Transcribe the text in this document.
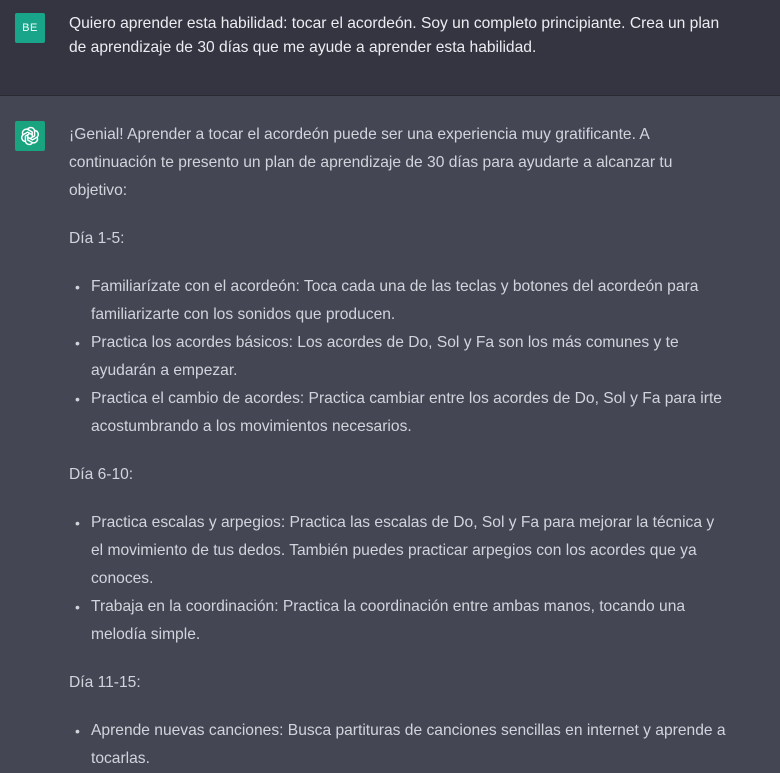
BE	Quiero aprender esta habilidad: tocar el acordeón. Soy un completo principiante. Crea un plan de aprendizaje de 30 días que me ayude a aprender esta habilidad.

¡Genial! Aprender a tocar el acordeón puede ser una experiencia muy gratificante. A continuación te presento un plan de aprendizaje de 30 días para ayudarte a alcanzar tu objetivo:

Día 1-5:

• Familiarízate con el acordeón: Toca cada una de las teclas y botones del acordeón para familiarizarte con los sonidos que producen.
• Practica los acordes básicos: Los acordes de Do, Sol y Fa son los más comunes y te ayudarán a empezar.
• Practica el cambio de acordes: Practica cambiar entre los acordes de Do, Sol y Fa para irte acostumbrando a los movimientos necesarios.

Día 6-10:

• Practica escalas y arpegios: Practica las escalas de Do, Sol y Fa para mejorar la técnica y el movimiento de tus dedos. También puedes practicar arpegios con los acordes que ya conoces.
• Trabaja en la coordinación: Practica la coordinación entre ambas manos, tocando una melodía simple.

Día 11-15:

• Aprende nuevas canciones: Busca partituras de canciones sencillas en internet y aprende a tocarlas.
